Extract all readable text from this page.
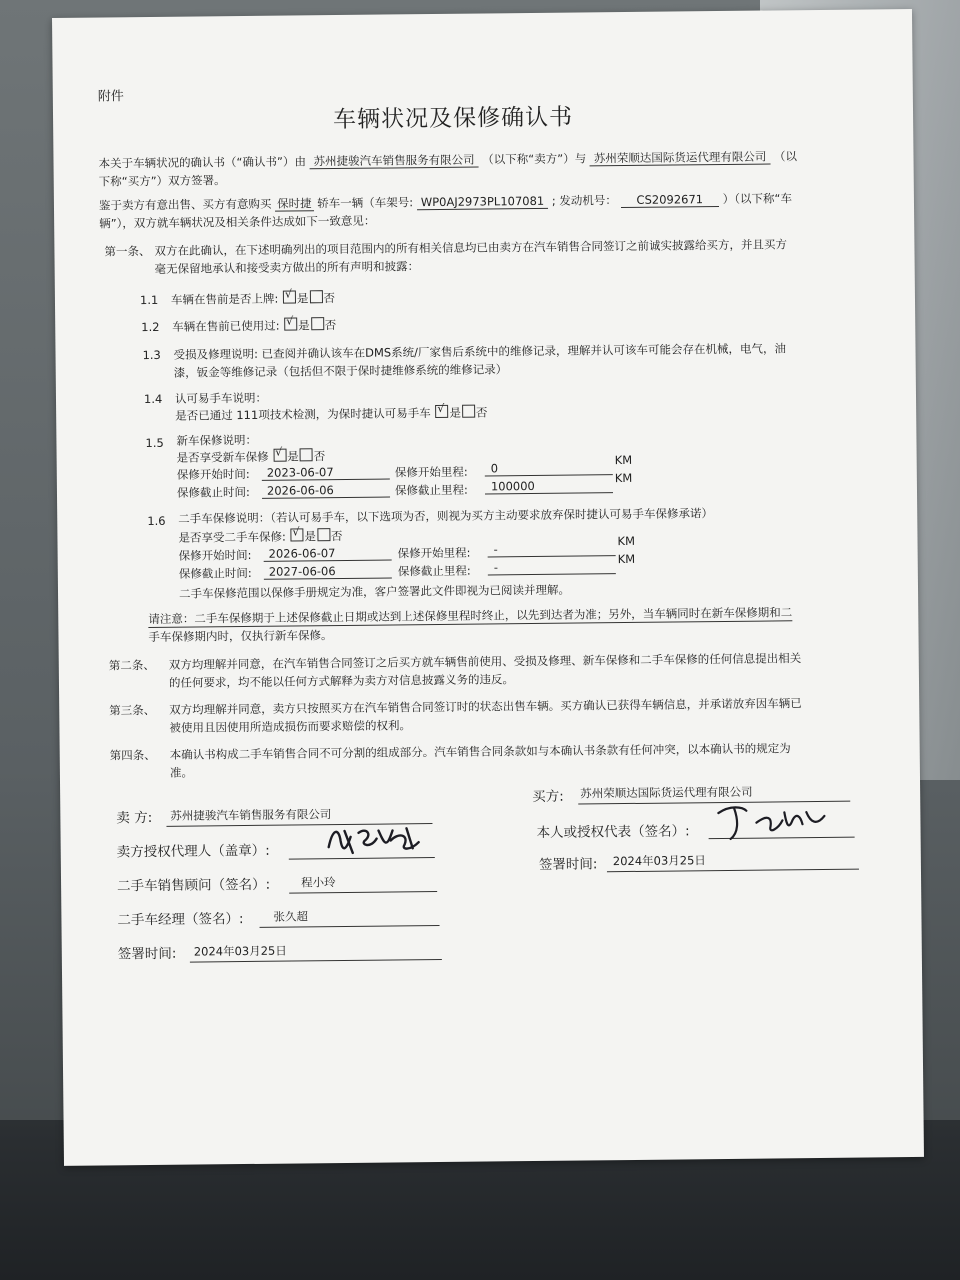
附件
车辆状况及保修确认书
本关于车辆状况的确认书（“确认书”）由 苏州捷骏汽车销售服务有限公司 （以下称“卖方”）与 苏州荣顺达国际货运代理有限公司 （以
下称“买方”）双方签署。
鉴于卖方有意出售、买方有意购买 保时捷 轿车一辆（车架号: WP0AJ2973PL107081 ; 发动机号： CS2092671 ）（以下称“车
辆”），双方就车辆状况及相关条件达成如下一致意见：
第一条、 双方在此确认，在下述明确列出的项目范围内的所有相关信息均已由卖方在汽车销售合同签订之前诚实披露给买方，并且买方
毫无保留地承认和接受卖方做出的所有声明和披露：
1.1 车辆在售前是否上牌: √ 是 否
1.2 车辆在售前已使用过: √ 是 否
1.3 受损及修理说明: 已查阅并确认该车在DMS系统/厂家售后系统中的维修记录，理解并认可该车可能会存在机械，电气，油
漆，钣金等维修记录（包括但不限于保时捷维修系统的维修记录）
1.4 认可易手车说明：
是否已通过 111项技术检测，为保时捷认可易手车 √ 是 否
1.5 新车保修说明：
是否享受新车保修 √ 是 否
保修开始时间: 2023-06-07	保修开始里程: 0
KM
保修截止时间: 2026-06-06	保修截止里程: 100000
KM
1.6 二手车保修说明：（若认可易手车，以下选项为否，则视为买方主动要求放弃保时捷认可易手车保修承诺）
是否享受二手车保修: √ 是 否
保修开始时间: 2026-06-07	保修开始里程: -
KM
保修截止时间: 2027-06-06	保修截止里程: -
KM
二手车保修范围以保修手册规定为准，客户签署此文件即视为已阅读并理解。
请注意：二手车保修期于上述保修截止日期或达到上述保修里程时终止，以先到达者为准；另外，当车辆同时在新车保修期和二
手车保修期内时，仅执行新车保修。
第二条、 双方均理解并同意，在汽车销售合同签订之后买方就车辆售前使用、受损及修理、新车保修和二手车保修的任何信息提出相关
的任何要求，均不能以任何方式解释为卖方对信息披露义务的违反。
第三条、 双方均理解并同意，卖方只按照买方在汽车销售合同签订时的状态出售车辆。买方确认已获得车辆信息，并承诺放弃因车辆已
被使用且因使用所造成损伤而要求赔偿的权利。
第四条、 本确认书构成二手车销售合同不可分割的组成部分。汽车销售合同条款如与本确认书条款有任何冲突，以本确认书的规定为
准。
卖 方: 苏州捷骏汽车销售服务有限公司
卖方授权代理人（盖章）:
二手车销售顾问（签名）:	程小玲
二手车经理（签名）:	张久超
签署时间: 2024年03月25日
买方: 苏州荣顺达国际货运代理有限公司
本人或授权代表（签名）:
签署时间: 2024年03月25日
